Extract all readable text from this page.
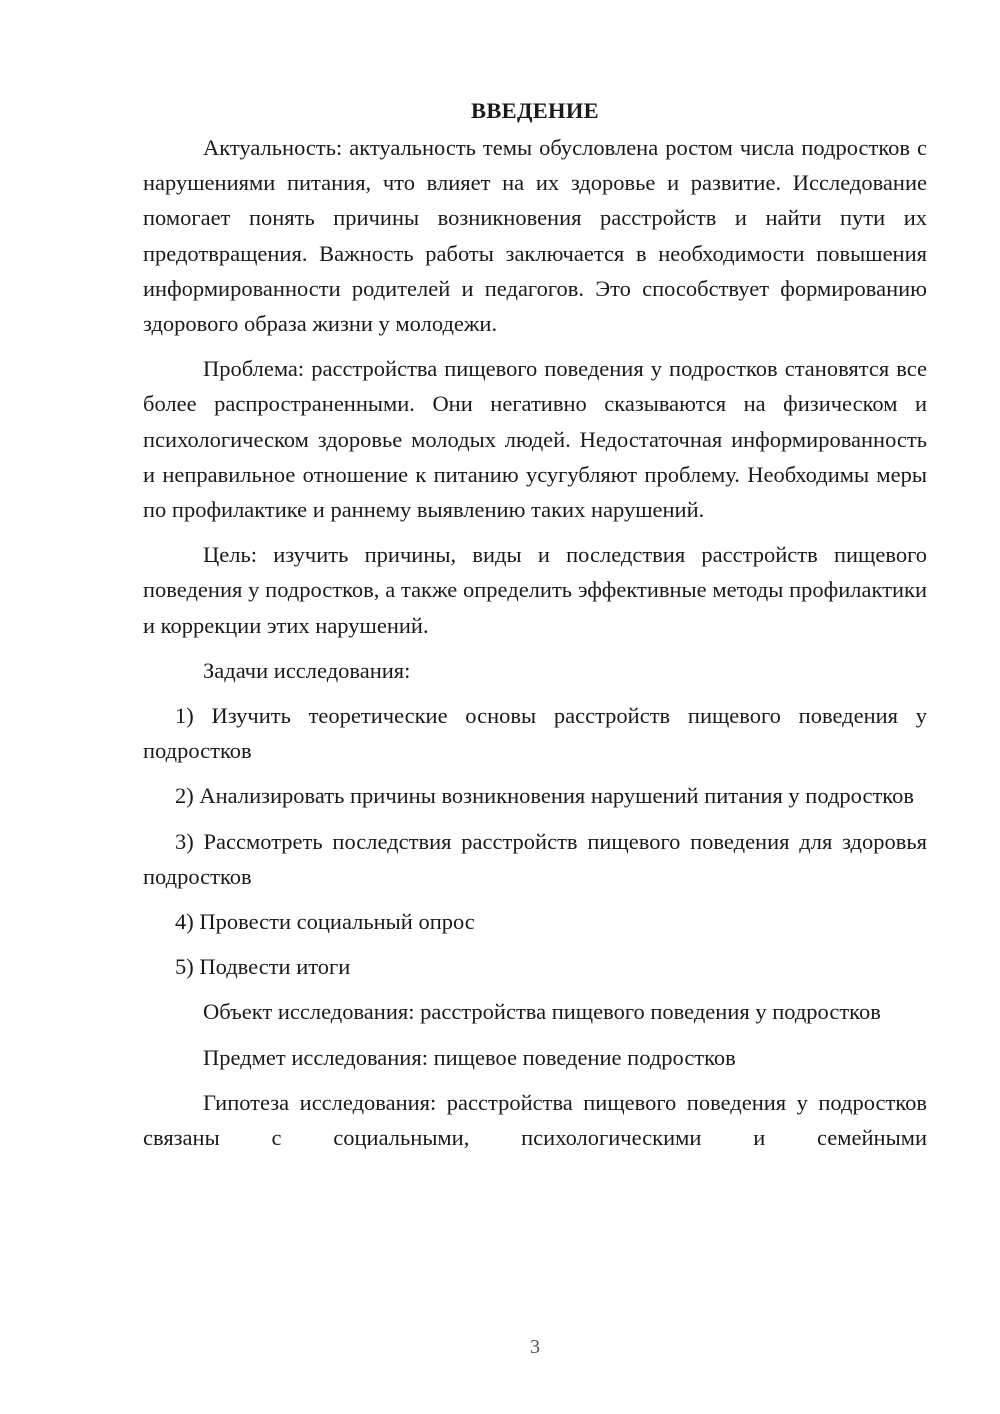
ВВЕДЕНИЕ

Актуальность: актуальность темы обусловлена ростом числа подростков с нарушениями питания, что влияет на их здоровье и развитие. Исследование помогает понять причины возникновения расстройств и найти пути их предотвращения. Важность работы заключается в необходимости повышения информированности родителей и педагогов. Это способствует формированию здорового образа жизни у молодежи.

Проблема: расстройства пищевого поведения у подростков становятся все более распространенными. Они негативно сказываются на физическом и психологическом здоровье молодых людей. Недостаточная информированность и неправильное отношение к питанию усугубляют проблему. Необходимы меры по профилактике и раннему выявлению таких нарушений.

Цель: изучить причины, виды и последствия расстройств пищевого поведения у подростков, а также определить эффективные методы профилактики и коррекции этих нарушений.

Задачи исследования:

1) Изучить теоретические основы расстройств пищевого поведения у подростков

2) Анализировать причины возникновения нарушений питания у подростков

3) Рассмотреть последствия расстройств пищевого поведения для здоровья подростков

4) Провести социальный опрос

5) Подвести итоги

Объект исследования: расстройства пищевого поведения у подростков

Предмет исследования: пищевое поведение подростков

Гипотеза исследования: расстройства пищевого поведения у подростков связаны с социальными, психологическими и семейными

3
